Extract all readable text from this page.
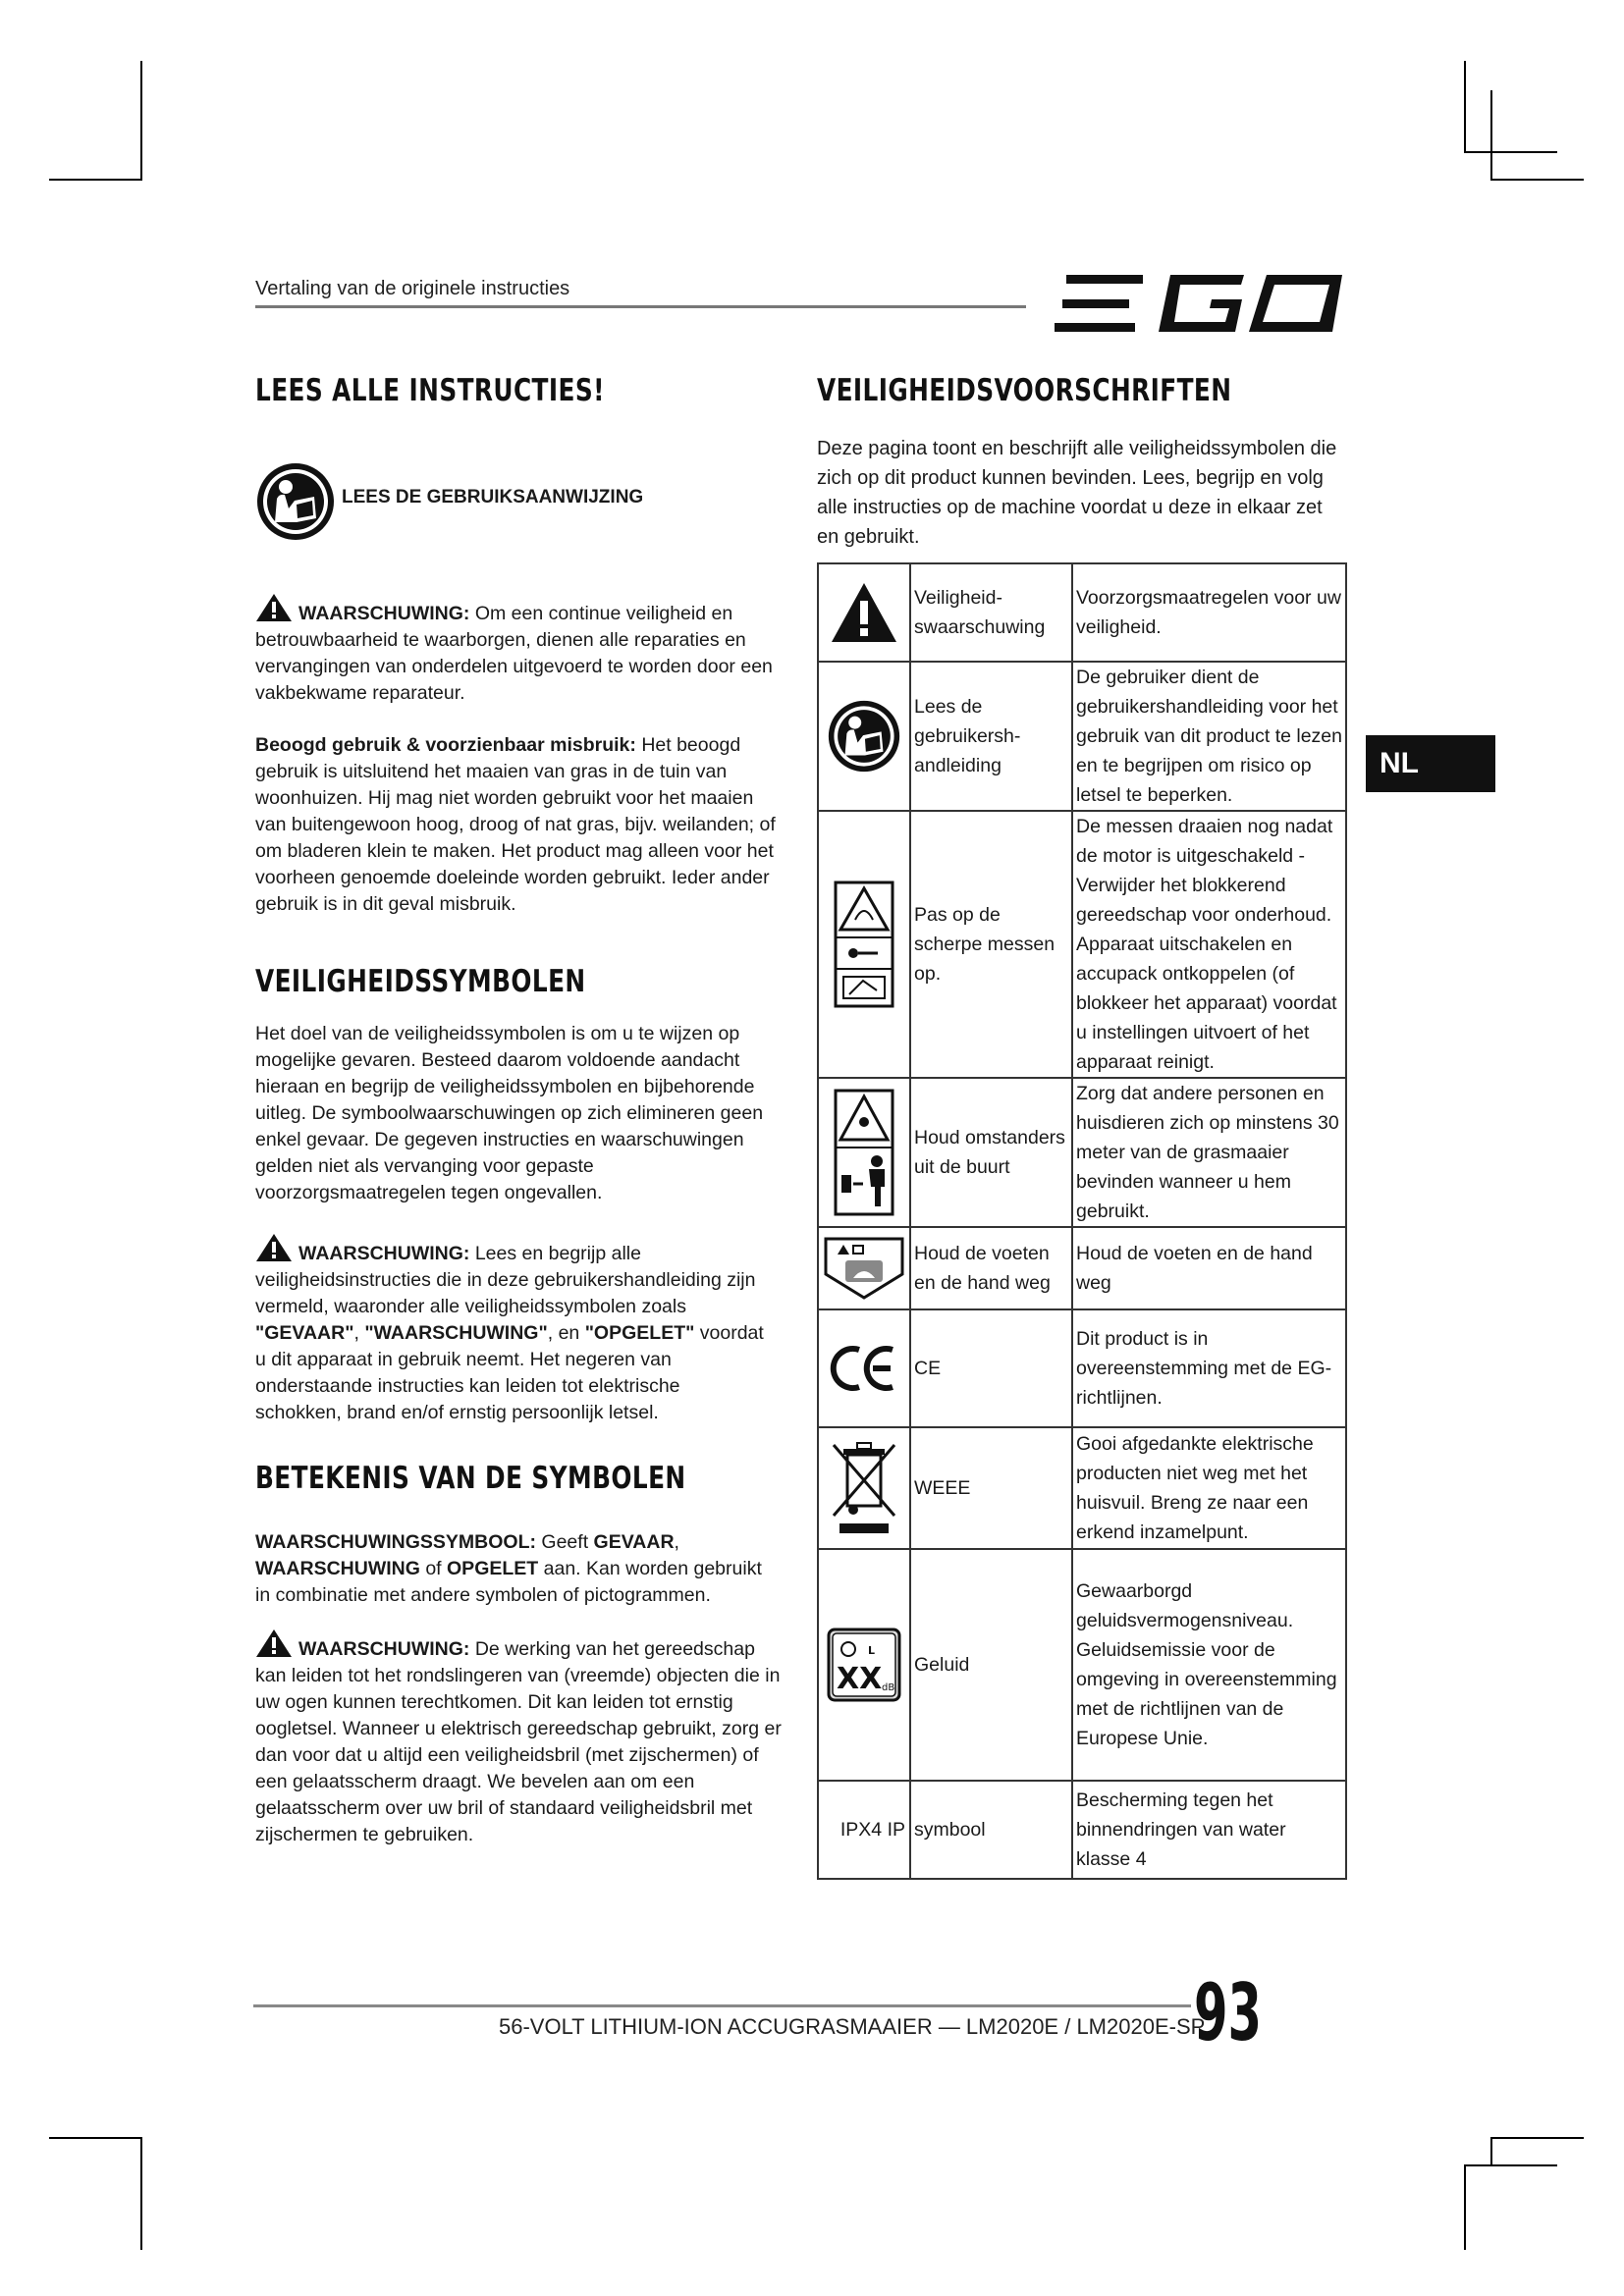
Vertaling van de originele instructies
LEES ALLE INSTRUCTIES!
LEES DE GEBRUIKSAANWIJZING
WAARSCHUWING: Om een continue veiligheid en betrouwbaarheid te waarborgen, dienen alle reparaties en vervangingen van onderdelen uitgevoerd te worden door een vakbekwame reparateur.
Beoogd gebruik & voorzienbaar misbruik: Het beoogd gebruik is uitsluitend het maaien van gras in de tuin van woonhuizen. Hij mag niet worden gebruikt voor het maaien van buitengewoon hoog, droog of nat gras, bijv. weilanden; of om bladeren klein te maken. Het product mag alleen voor het voorheen genoemde doeleinde worden gebruikt. Ieder ander gebruik is in dit geval misbruik.
VEILIGHEIDSSYMBOLEN
Het doel van de veiligheidssymbolen is om u te wijzen op mogelijke gevaren. Besteed daarom voldoende aandacht hieraan en begrijp de veiligheidssymbolen en bijbehorende uitleg. De symboolwaarschuwingen op zich elimineren geen enkel gevaar. De gegeven instructies en waarschuwingen gelden niet als vervanging voor gepaste voorzorgsmaatregelen tegen ongevallen.
WAARSCHUWING: Lees en begrijp alle veiligheidsinstructies die in deze gebruikershandleiding zijn vermeld, waaronder alle veiligheidssymbolen zoals "GEVAAR", "WAARSCHUWING", en "OPGELET" voordat u dit apparaat in gebruik neemt. Het negeren van onderstaande instructies kan leiden tot elektrische schokken, brand en/of ernstig persoonlijk letsel.
BETEKENIS VAN DE SYMBOLEN
WAARSCHUWINGSSYMBOOL: Geeft GEVAAR, WAARSCHUWING of OPGELET aan. Kan worden gebruikt in combinatie met andere symbolen of pictogrammen.
WAARSCHUWING: De werking van het gereedschap kan leiden tot het rondslingeren van (vreemde) objecten die in uw ogen kunnen terechtkomen. Dit kan leiden tot ernstig oogletsel. Wanneer u elektrisch gereedschap gebruikt, zorg er dan voor dat u altijd een veiligheidsbril (met zijschermen) of een gelaatsscherm draagt. We bevelen aan om een gelaatsscherm over uw bril of standaard veiligheidsbril met zijschermen te gebruiken.
VEILIGHEIDSVOORSCHRIFTEN
Deze pagina toont en beschrijft alle veiligheidssymbolen die zich op dit product kunnen bevinden. Lees, begrijp en volg alle instructies op de machine voordat u deze in elkaar zet en gebruikt.
	Veiligheid-swaarschuwing	Voorzorgsmaatregelen voor uw veiligheid.

	Lees de gebruikersh-andleiding	De gebruiker dient de gebruikershandleiding voor het gebruik van dit product te lezen en te begrijpen om risico op letsel te beperken.

	Pas op de scherpe messen op.	De messen draaien nog nadat de motor is uitgeschakeld - Verwijder het blokkerend gereedschap voor onderhoud. Apparaat uitschakelen en accupack ontkoppelen (of blokkeer het apparaat) voordat u instellingen uitvoert of het apparaat reinigt.

	Houd omstanders uit de buurt	Zorg dat andere personen en huisdieren zich op minstens 30 meter van de grasmaaier bevinden wanneer u hem gebruikt.

	Houd de voeten en de hand weg	Houd de voeten en de hand weg

	CE	Dit product is in overeenstemming met de EG-richtlijnen.

	WEEE	Gooi afgedankte elektrische producten niet weg met het huisvuil. Breng ze naar een erkend inzamelpunt.

L
XX dB	Geluid	Gewaarborgd geluidsvermogensniveau. Geluidsemissie voor de omgeving in overeenstemming met de richtlijnen van de Europese Unie.
IPX4 IP	symbool	Bescherming tegen het binnendringen van water klasse 4
NL
56-VOLT LITHIUM-ION ACCUGRASMAAIER — LM2020E / LM2020E-SP
93
